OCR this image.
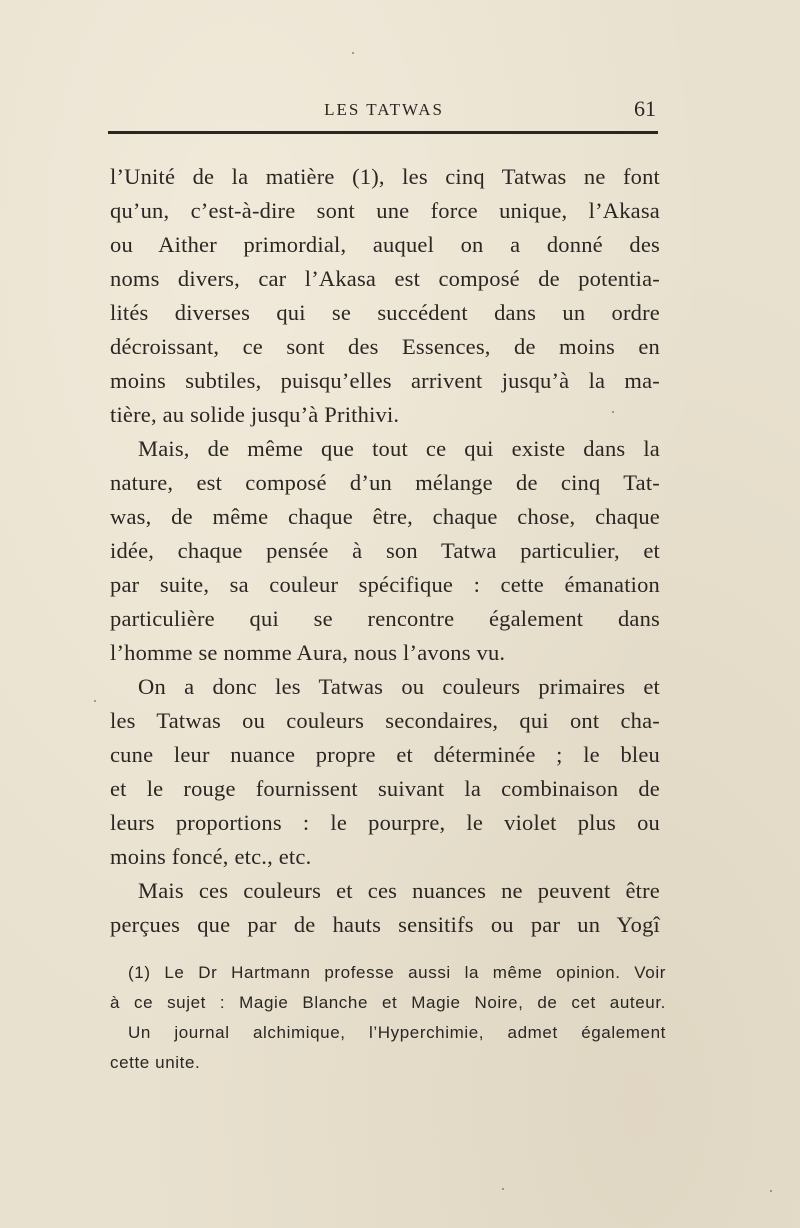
LES TATWAS	61
l’Unité de la matière (1), les cinq Tatwas ne font
qu’un, c’est-à-dire sont une force unique, l’Akasa
ou Aither primordial, auquel on a donné des
noms divers, car l’Akasa est composé de potentia-
lités diverses qui se succédent dans un ordre
décroissant, ce sont des Essences, de moins en
moins subtiles, puisqu’elles arrivent jusqu’à la ma-
tière, au solide jusqu’à Prithivi.
Mais, de même que tout ce qui existe dans la
nature, est composé d’un mélange de cinq Tat-
was, de même chaque être, chaque chose, chaque
idée, chaque pensée à son Tatwa particulier, et
par suite, sa couleur spécifique : cette émanation
particulière qui se rencontre également dans
l’homme se nomme Aura, nous l’avons vu.
On a donc les Tatwas ou couleurs primaires et
les Tatwas ou couleurs secondaires, qui ont cha-
cune leur nuance propre et déterminée ; le bleu
et le rouge fournissent suivant la combinaison de
leurs proportions : le pourpre, le violet plus ou
moins foncé, etc., etc.
Mais ces couleurs et ces nuances ne peuvent être
perçues que par de hauts sensitifs ou par un Yogî
(1) Le Dr Hartmann professe aussi la même opinion. Voir
à ce sujet : Magie Blanche et Magie Noire, de cet auteur.
Un journal alchimique, l’Hyperchimie, admet également
cette unite.
